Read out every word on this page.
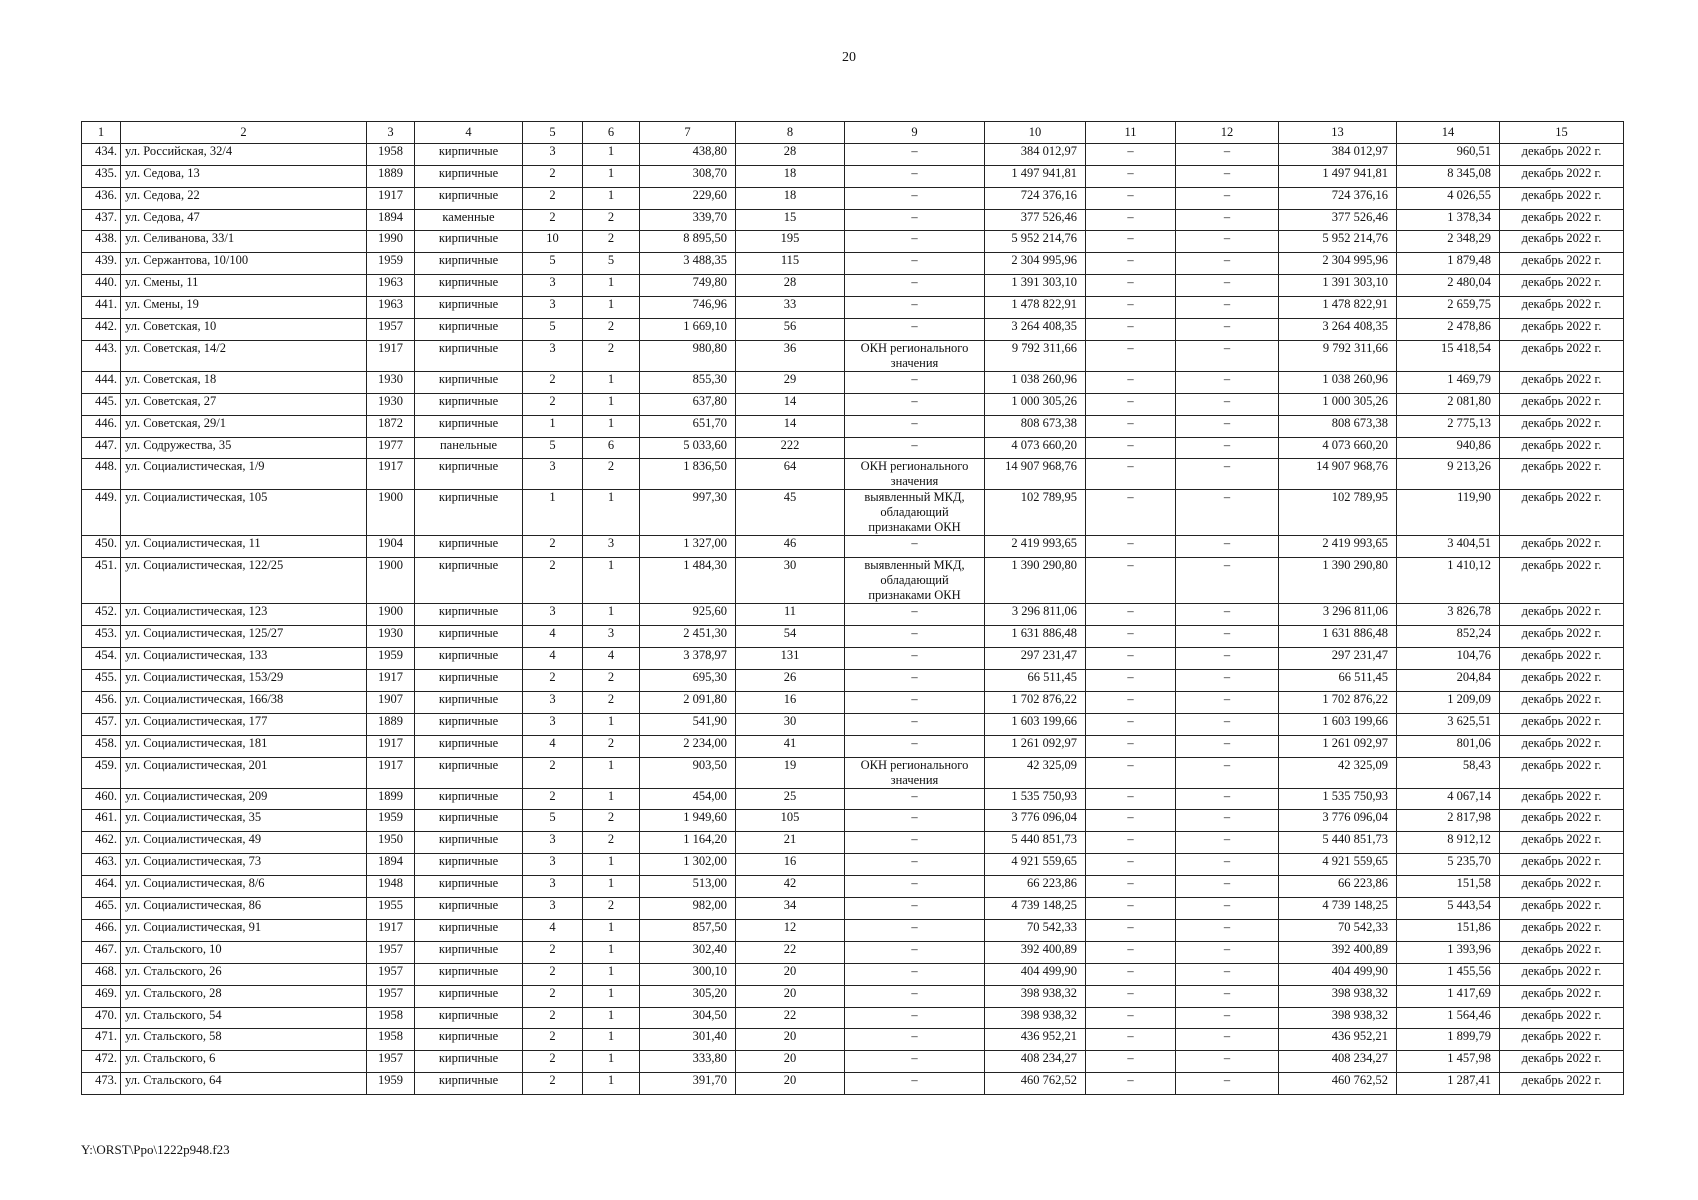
20
1	2	3	4	5	6	7	8	9	10	11	12	13	14	15
434.	ул. Российская, 32/4	1958	кирпичные	3	1	438,80	28	–	384 012,97	–	–	384 012,97	960,51	декабрь 2022 г.
435.	ул. Седова, 13	1889	кирпичные	2	1	308,70	18	–	1 497 941,81	–	–	1 497 941,81	8 345,08	декабрь 2022 г.
436.	ул. Седова, 22	1917	кирпичные	2	1	229,60	18	–	724 376,16	–	–	724 376,16	4 026,55	декабрь 2022 г.
437.	ул. Седова, 47	1894	каменные	2	2	339,70	15	–	377 526,46	–	–	377 526,46	1 378,34	декабрь 2022 г.
438.	ул. Селиванова, 33/1	1990	кирпичные	10	2	8 895,50	195	–	5 952 214,76	–	–	5 952 214,76	2 348,29	декабрь 2022 г.
439.	ул. Сержантова, 10/100	1959	кирпичные	5	5	3 488,35	115	–	2 304 995,96	–	–	2 304 995,96	1 879,48	декабрь 2022 г.
440.	ул. Смены, 11	1963	кирпичные	3	1	749,80	28	–	1 391 303,10	–	–	1 391 303,10	2 480,04	декабрь 2022 г.
441.	ул. Смены, 19	1963	кирпичные	3	1	746,96	33	–	1 478 822,91	–	–	1 478 822,91	2 659,75	декабрь 2022 г.
442.	ул. Советская, 10	1957	кирпичные	5	2	1 669,10	56	–	3 264 408,35	–	–	3 264 408,35	2 478,86	декабрь 2022 г.
443.	ул. Советская, 14/2	1917	кирпичные	3	2	980,80	36	ОКН регионального значения	9 792 311,66	–	–	9 792 311,66	15 418,54	декабрь 2022 г.
444.	ул. Советская, 18	1930	кирпичные	2	1	855,30	29	–	1 038 260,96	–	–	1 038 260,96	1 469,79	декабрь 2022 г.
445.	ул. Советская, 27	1930	кирпичные	2	1	637,80	14	–	1 000 305,26	–	–	1 000 305,26	2 081,80	декабрь 2022 г.
446.	ул. Советская, 29/1	1872	кирпичные	1	1	651,70	14	–	808 673,38	–	–	808 673,38	2 775,13	декабрь 2022 г.
447.	ул. Содружества, 35	1977	панельные	5	6	5 033,60	222	–	4 073 660,20	–	–	4 073 660,20	940,86	декабрь 2022 г.
448.	ул. Социалистическая, 1/9	1917	кирпичные	3	2	1 836,50	64	ОКН регионального значения	14 907 968,76	–	–	14 907 968,76	9 213,26	декабрь 2022 г.
449.	ул. Социалистическая, 105	1900	кирпичные	1	1	997,30	45	выявленный МКД, обладающий признаками ОКН	102 789,95	–	–	102 789,95	119,90	декабрь 2022 г.
450.	ул. Социалистическая, 11	1904	кирпичные	2	3	1 327,00	46	–	2 419 993,65	–	–	2 419 993,65	3 404,51	декабрь 2022 г.
451.	ул. Социалистическая, 122/25	1900	кирпичные	2	1	1 484,30	30	выявленный МКД, обладающий признаками ОКН	1 390 290,80	–	–	1 390 290,80	1 410,12	декабрь 2022 г.
452.	ул. Социалистическая, 123	1900	кирпичные	3	1	925,60	11	–	3 296 811,06	–	–	3 296 811,06	3 826,78	декабрь 2022 г.
453.	ул. Социалистическая, 125/27	1930	кирпичные	4	3	2 451,30	54	–	1 631 886,48	–	–	1 631 886,48	852,24	декабрь 2022 г.
454.	ул. Социалистическая, 133	1959	кирпичные	4	4	3 378,97	131	–	297 231,47	–	–	297 231,47	104,76	декабрь 2022 г.
455.	ул. Социалистическая, 153/29	1917	кирпичные	2	2	695,30	26	–	66 511,45	–	–	66 511,45	204,84	декабрь 2022 г.
456.	ул. Социалистическая, 166/38	1907	кирпичные	3	2	2 091,80	16	–	1 702 876,22	–	–	1 702 876,22	1 209,09	декабрь 2022 г.
457.	ул. Социалистическая, 177	1889	кирпичные	3	1	541,90	30	–	1 603 199,66	–	–	1 603 199,66	3 625,51	декабрь 2022 г.
458.	ул. Социалистическая, 181	1917	кирпичные	4	2	2 234,00	41	–	1 261 092,97	–	–	1 261 092,97	801,06	декабрь 2022 г.
459.	ул. Социалистическая, 201	1917	кирпичные	2	1	903,50	19	ОКН регионального значения	42 325,09	–	–	42 325,09	58,43	декабрь 2022 г.
460.	ул. Социалистическая, 209	1899	кирпичные	2	1	454,00	25	–	1 535 750,93	–	–	1 535 750,93	4 067,14	декабрь 2022 г.
461.	ул. Социалистическая, 35	1959	кирпичные	5	2	1 949,60	105	–	3 776 096,04	–	–	3 776 096,04	2 817,98	декабрь 2022 г.
462.	ул. Социалистическая, 49	1950	кирпичные	3	2	1 164,20	21	–	5 440 851,73	–	–	5 440 851,73	8 912,12	декабрь 2022 г.
463.	ул. Социалистическая, 73	1894	кирпичные	3	1	1 302,00	16	–	4 921 559,65	–	–	4 921 559,65	5 235,70	декабрь 2022 г.
464.	ул. Социалистическая, 8/6	1948	кирпичные	3	1	513,00	42	–	66 223,86	–	–	66 223,86	151,58	декабрь 2022 г.
465.	ул. Социалистическая, 86	1955	кирпичные	3	2	982,00	34	–	4 739 148,25	–	–	4 739 148,25	5 443,54	декабрь 2022 г.
466.	ул. Социалистическая, 91	1917	кирпичные	4	1	857,50	12	–	70 542,33	–	–	70 542,33	151,86	декабрь 2022 г.
467.	ул. Стальского, 10	1957	кирпичные	2	1	302,40	22	–	392 400,89	–	–	392 400,89	1 393,96	декабрь 2022 г.
468.	ул. Стальского, 26	1957	кирпичные	2	1	300,10	20	–	404 499,90	–	–	404 499,90	1 455,56	декабрь 2022 г.
469.	ул. Стальского, 28	1957	кирпичные	2	1	305,20	20	–	398 938,32	–	–	398 938,32	1 417,69	декабрь 2022 г.
470.	ул. Стальского, 54	1958	кирпичные	2	1	304,50	22	–	398 938,32	–	–	398 938,32	1 564,46	декабрь 2022 г.
471.	ул. Стальского, 58	1958	кирпичные	2	1	301,40	20	–	436 952,21	–	–	436 952,21	1 899,79	декабрь 2022 г.
472.	ул. Стальского, 6	1957	кирпичные	2	1	333,80	20	–	408 234,27	–	–	408 234,27	1 457,98	декабрь 2022 г.
473.	ул. Стальского, 64	1959	кирпичные	2	1	391,70	20	–	460 762,52	–	–	460 762,52	1 287,41	декабрь 2022 г.
Y:\ORST\Ppo\1222p948.f23
